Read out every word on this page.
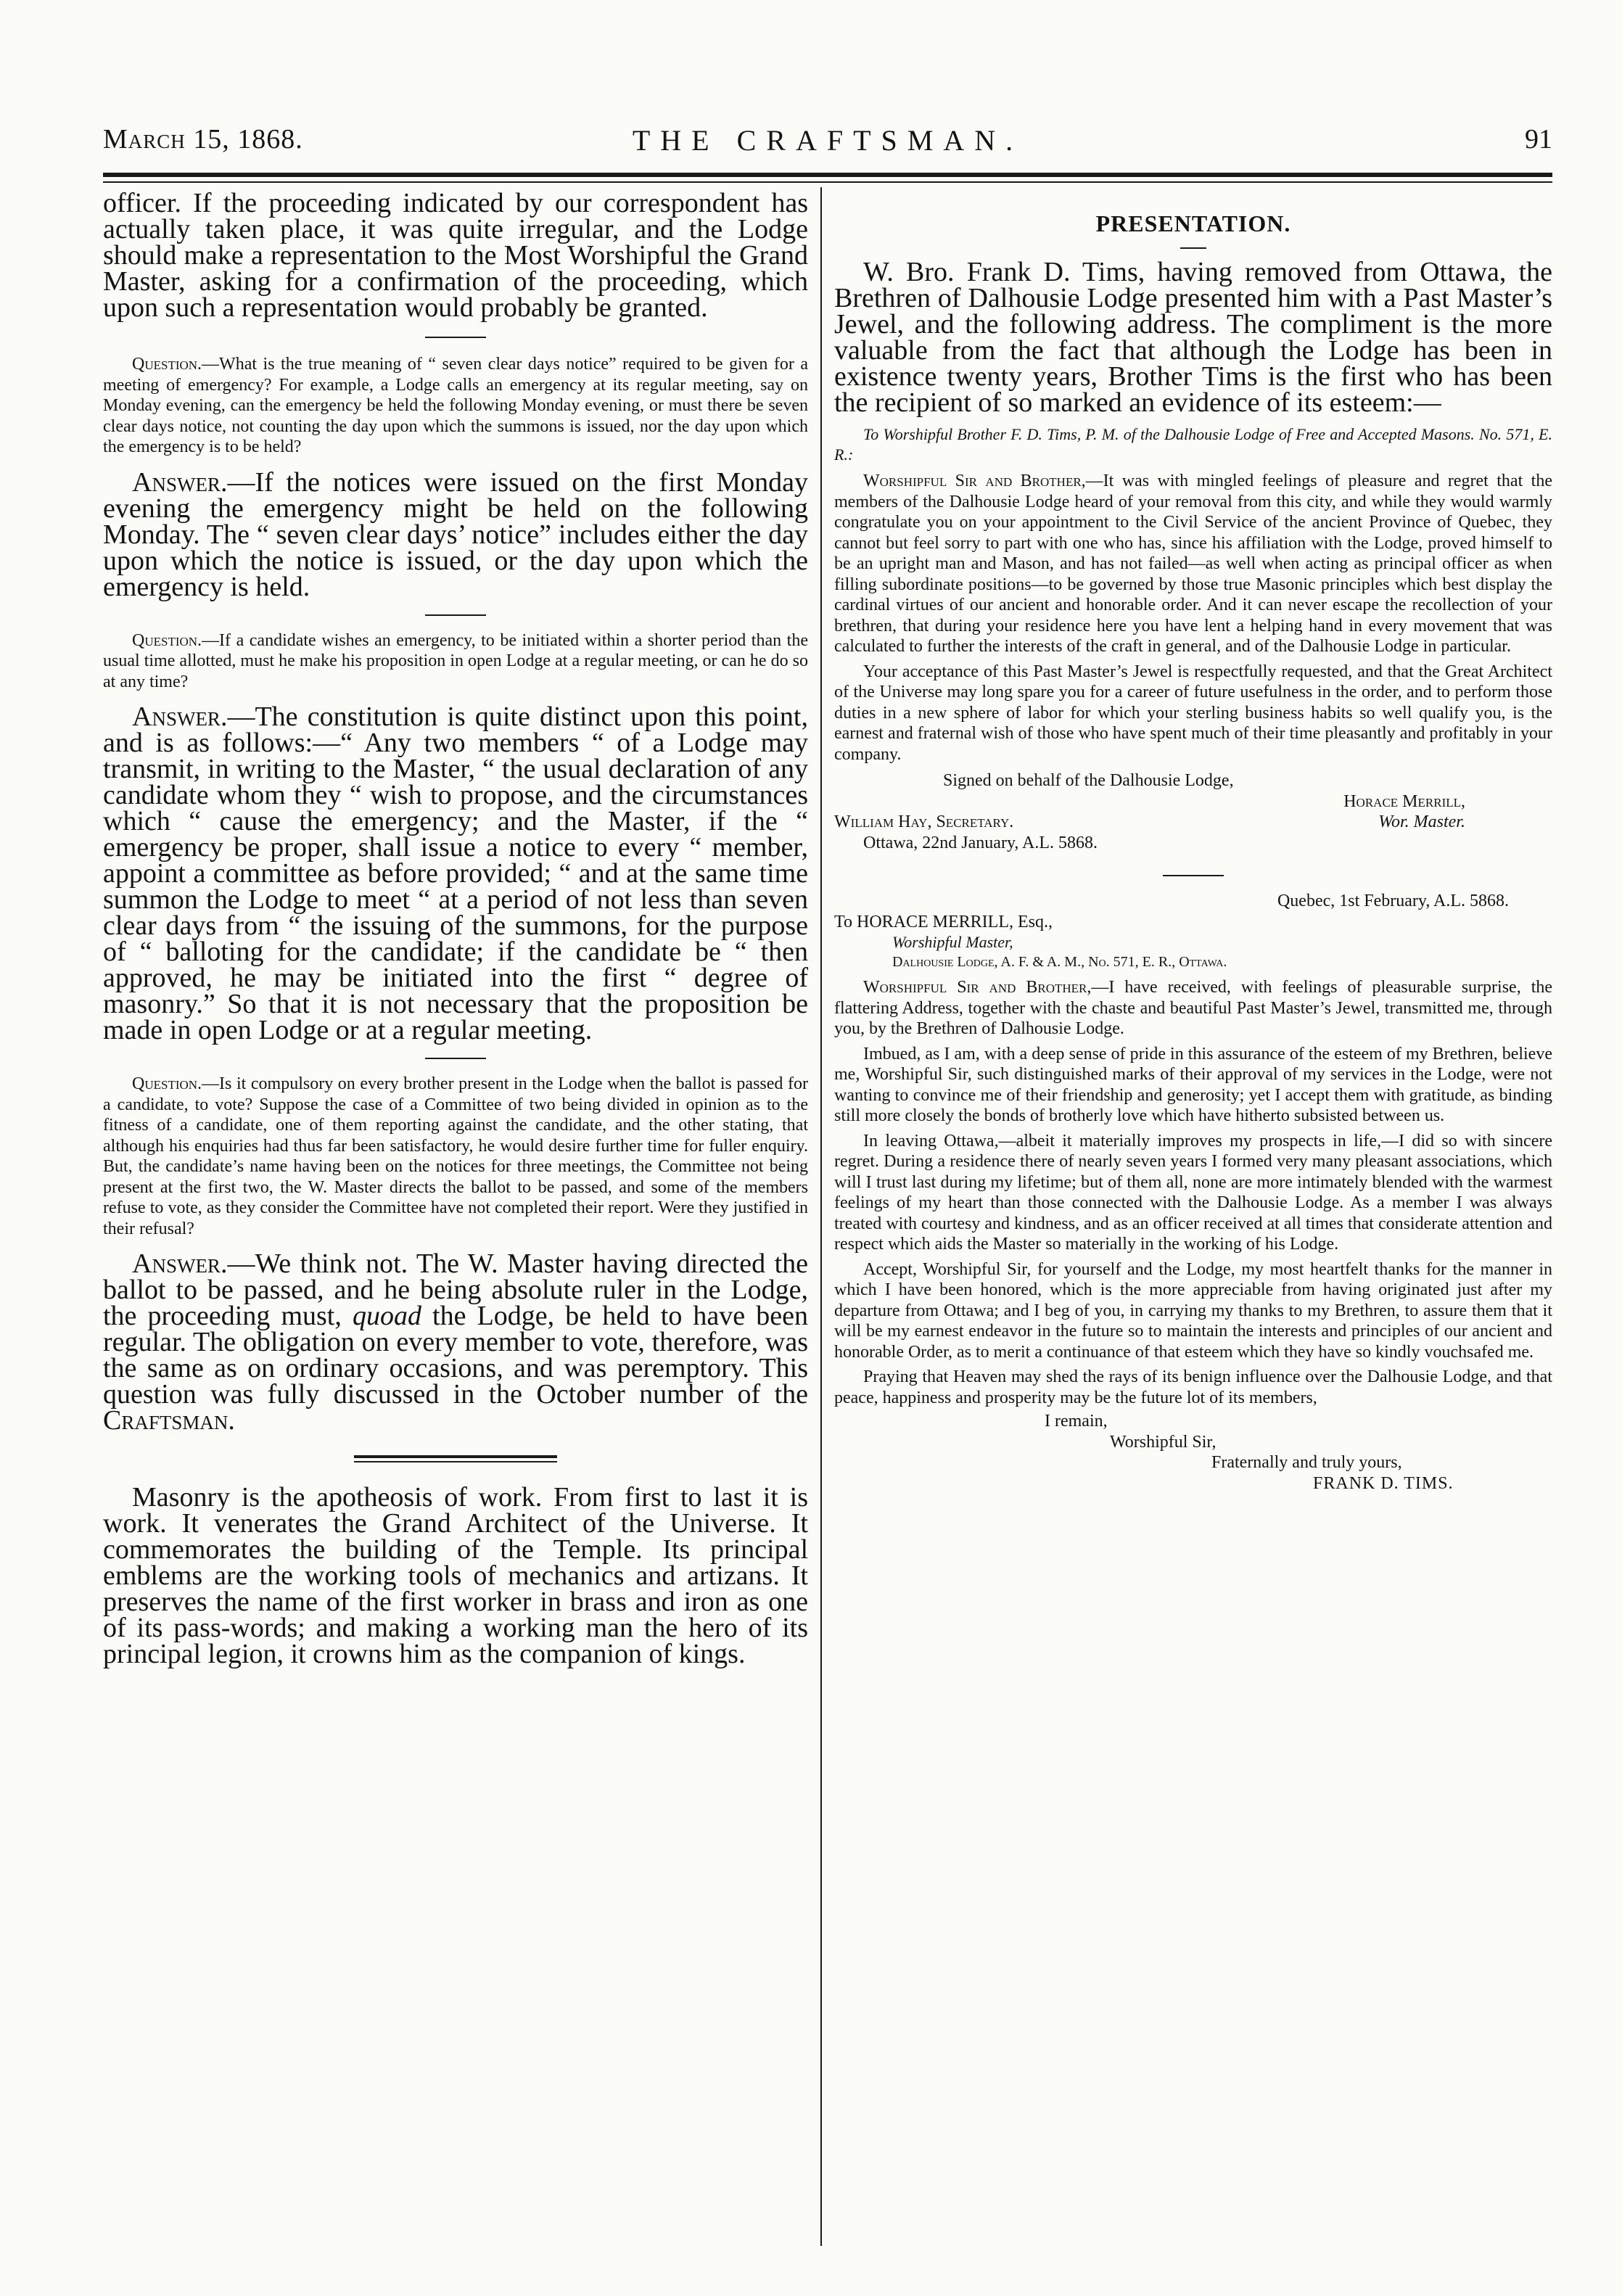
March 15, 1868.	THE CRAFTSMAN.	91

officer. If the proceeding indicated by our correspondent has actually taken place, it was quite irregular, and the Lodge should make a representation to the Most Worshipful the Grand Master, asking for a confirmation of the proceeding, which upon such a representation would probably be granted.

Question.—What is the true meaning of “ seven clear days notice” required to be given for a meeting of emergency? For example, a Lodge calls an emergency at its regular meeting, say on Monday evening, can the emergency be held the following Monday evening, or must there be seven clear days notice, not counting the day upon which the summons is issued, nor the day upon which the emergency is to be held?

Answer.—If the notices were issued on the first Monday evening the emergency might be held on the following Monday. The “ seven clear days’ notice” includes either the day upon which the notice is issued, or the day upon which the emergency is held.

Question.—If a candidate wishes an emergency, to be initiated within a shorter period than the usual time allotted, must he make his proposition in open Lodge at a regular meeting, or can he do so at any time?

Answer.—The constitution is quite distinct upon this point, and is as follows:—“ Any two members “ of a Lodge may transmit, in writing to the Master, “ the usual declaration of any candidate whom they “ wish to propose, and the circumstances which “ cause the emergency; and the Master, if the “ emergency be proper, shall issue a notice to every “ member, appoint a committee as before provided; “ and at the same time summon the Lodge to meet “ at a period of not less than seven clear days from “ the issuing of the summons, for the purpose of “ balloting for the candidate; if the candidate be “ then approved, he may be initiated into the first “ degree of masonry.” So that it is not necessary that the proposition be made in open Lodge or at a regular meeting.

Question.—Is it compulsory on every brother present in the Lodge when the ballot is passed for a candidate, to vote? Suppose the case of a Committee of two being divided in opinion as to the fitness of a candidate, one of them reporting against the candidate, and the other stating, that although his enquiries had thus far been satisfactory, he would desire further time for fuller enquiry. But, the candidate’s name having been on the notices for three meetings, the Committee not being present at the first two, the W. Master directs the ballot to be passed, and some of the members refuse to vote, as they consider the Committee have not completed their report. Were they justified in their refusal?

Answer.—We think not. The W. Master having directed the ballot to be passed, and he being absolute ruler in the Lodge, the proceeding must, quoad the Lodge, be held to have been regular. The obligation on every member to vote, therefore, was the same as on ordinary occasions, and was peremptory. This question was fully discussed in the October number of the Craftsman.

Masonry is the apotheosis of work. From first to last it is work. It venerates the Grand Architect of the Universe. It commemorates the building of the Temple. Its principal emblems are the working tools of mechanics and artizans. It preserves the name of the first worker in brass and iron as one of its pass-words; and making a working man the hero of its principal legion, it crowns him as the companion of kings.

PRESENTATION.

W. Bro. Frank D. Tims, having removed from Ottawa, the Brethren of Dalhousie Lodge presented him with a Past Master’s Jewel, and the following address. The compliment is the more valuable from the fact that although the Lodge has been in existence twenty years, Brother Tims is the first who has been the recipient of so marked an evidence of its esteem:—

To Worshipful Brother F. D. Tims, P. M. of the Dalhousie Lodge of Free and Accepted Masons. No. 571, E. R.:

Worshipful Sir and Brother,—It was with mingled feelings of pleasure and regret that the members of the Dalhousie Lodge heard of your removal from this city, and while they would warmly congratulate you on your appointment to the Civil Service of the ancient Province of Quebec, they cannot but feel sorry to part with one who has, since his affiliation with the Lodge, proved himself to be an upright man and Mason, and has not failed—as well when acting as principal officer as when filling subordinate positions—to be governed by those true Masonic principles which best display the cardinal virtues of our ancient and honorable order. And it can never escape the recollection of your brethren, that during your residence here you have lent a helping hand in every movement that was calculated to further the interests of the craft in general, and of the Dalhousie Lodge in particular.

Your acceptance of this Past Master’s Jewel is respectfully requested, and that the Great Architect of the Universe may long spare you for a career of future usefulness in the order, and to perform those duties in a new sphere of labor for which your sterling business habits so well qualify you, is the earnest and fraternal wish of those who have spent much of their time pleasantly and profitably in your company.

Signed on behalf of the Dalhousie Lodge,

Horace Merrill,

William Hay, Secretary.	Wor. Master.

Ottawa, 22nd January, A.L. 5868.

Quebec, 1st February, A.L. 5868.

To HORACE MERRILL, Esq.,

Worshipful Master,

Dalhousie Lodge, A. F. & A. M., No. 571, E. R., Ottawa.

Worshipful Sir and Brother,—I have received, with feelings of pleasurable surprise, the flattering Address, together with the chaste and beautiful Past Master’s Jewel, transmitted me, through you, by the Brethren of Dalhousie Lodge.

Imbued, as I am, with a deep sense of pride in this assurance of the esteem of my Brethren, believe me, Worshipful Sir, such distinguished marks of their approval of my services in the Lodge, were not wanting to convince me of their friendship and generosity; yet I accept them with gratitude, as binding still more closely the bonds of brotherly love which have hitherto subsisted between us.

In leaving Ottawa,—albeit it materially improves my prospects in life,—I did so with sincere regret. During a residence there of nearly seven years I formed very many pleasant associations, which will I trust last during my lifetime; but of them all, none are more intimately blended with the warmest feelings of my heart than those connected with the Dalhousie Lodge. As a member I was always treated with courtesy and kindness, and as an officer received at all times that considerate attention and respect which aids the Master so materially in the working of his Lodge.

Accept, Worshipful Sir, for yourself and the Lodge, my most heartfelt thanks for the manner in which I have been honored, which is the more appreciable from having originated just after my departure from Ottawa; and I beg of you, in carrying my thanks to my Brethren, to assure them that it will be my earnest endeavor in the future so to maintain the interests and principles of our ancient and honorable Order, as to merit a continuance of that esteem which they have so kindly vouchsafed me.

Praying that Heaven may shed the rays of its benign influence over the Dalhousie Lodge, and that peace, happiness and prosperity may be the future lot of its members,

I remain,

Worshipful Sir,

Fraternally and truly yours,

FRANK D. TIMS.
